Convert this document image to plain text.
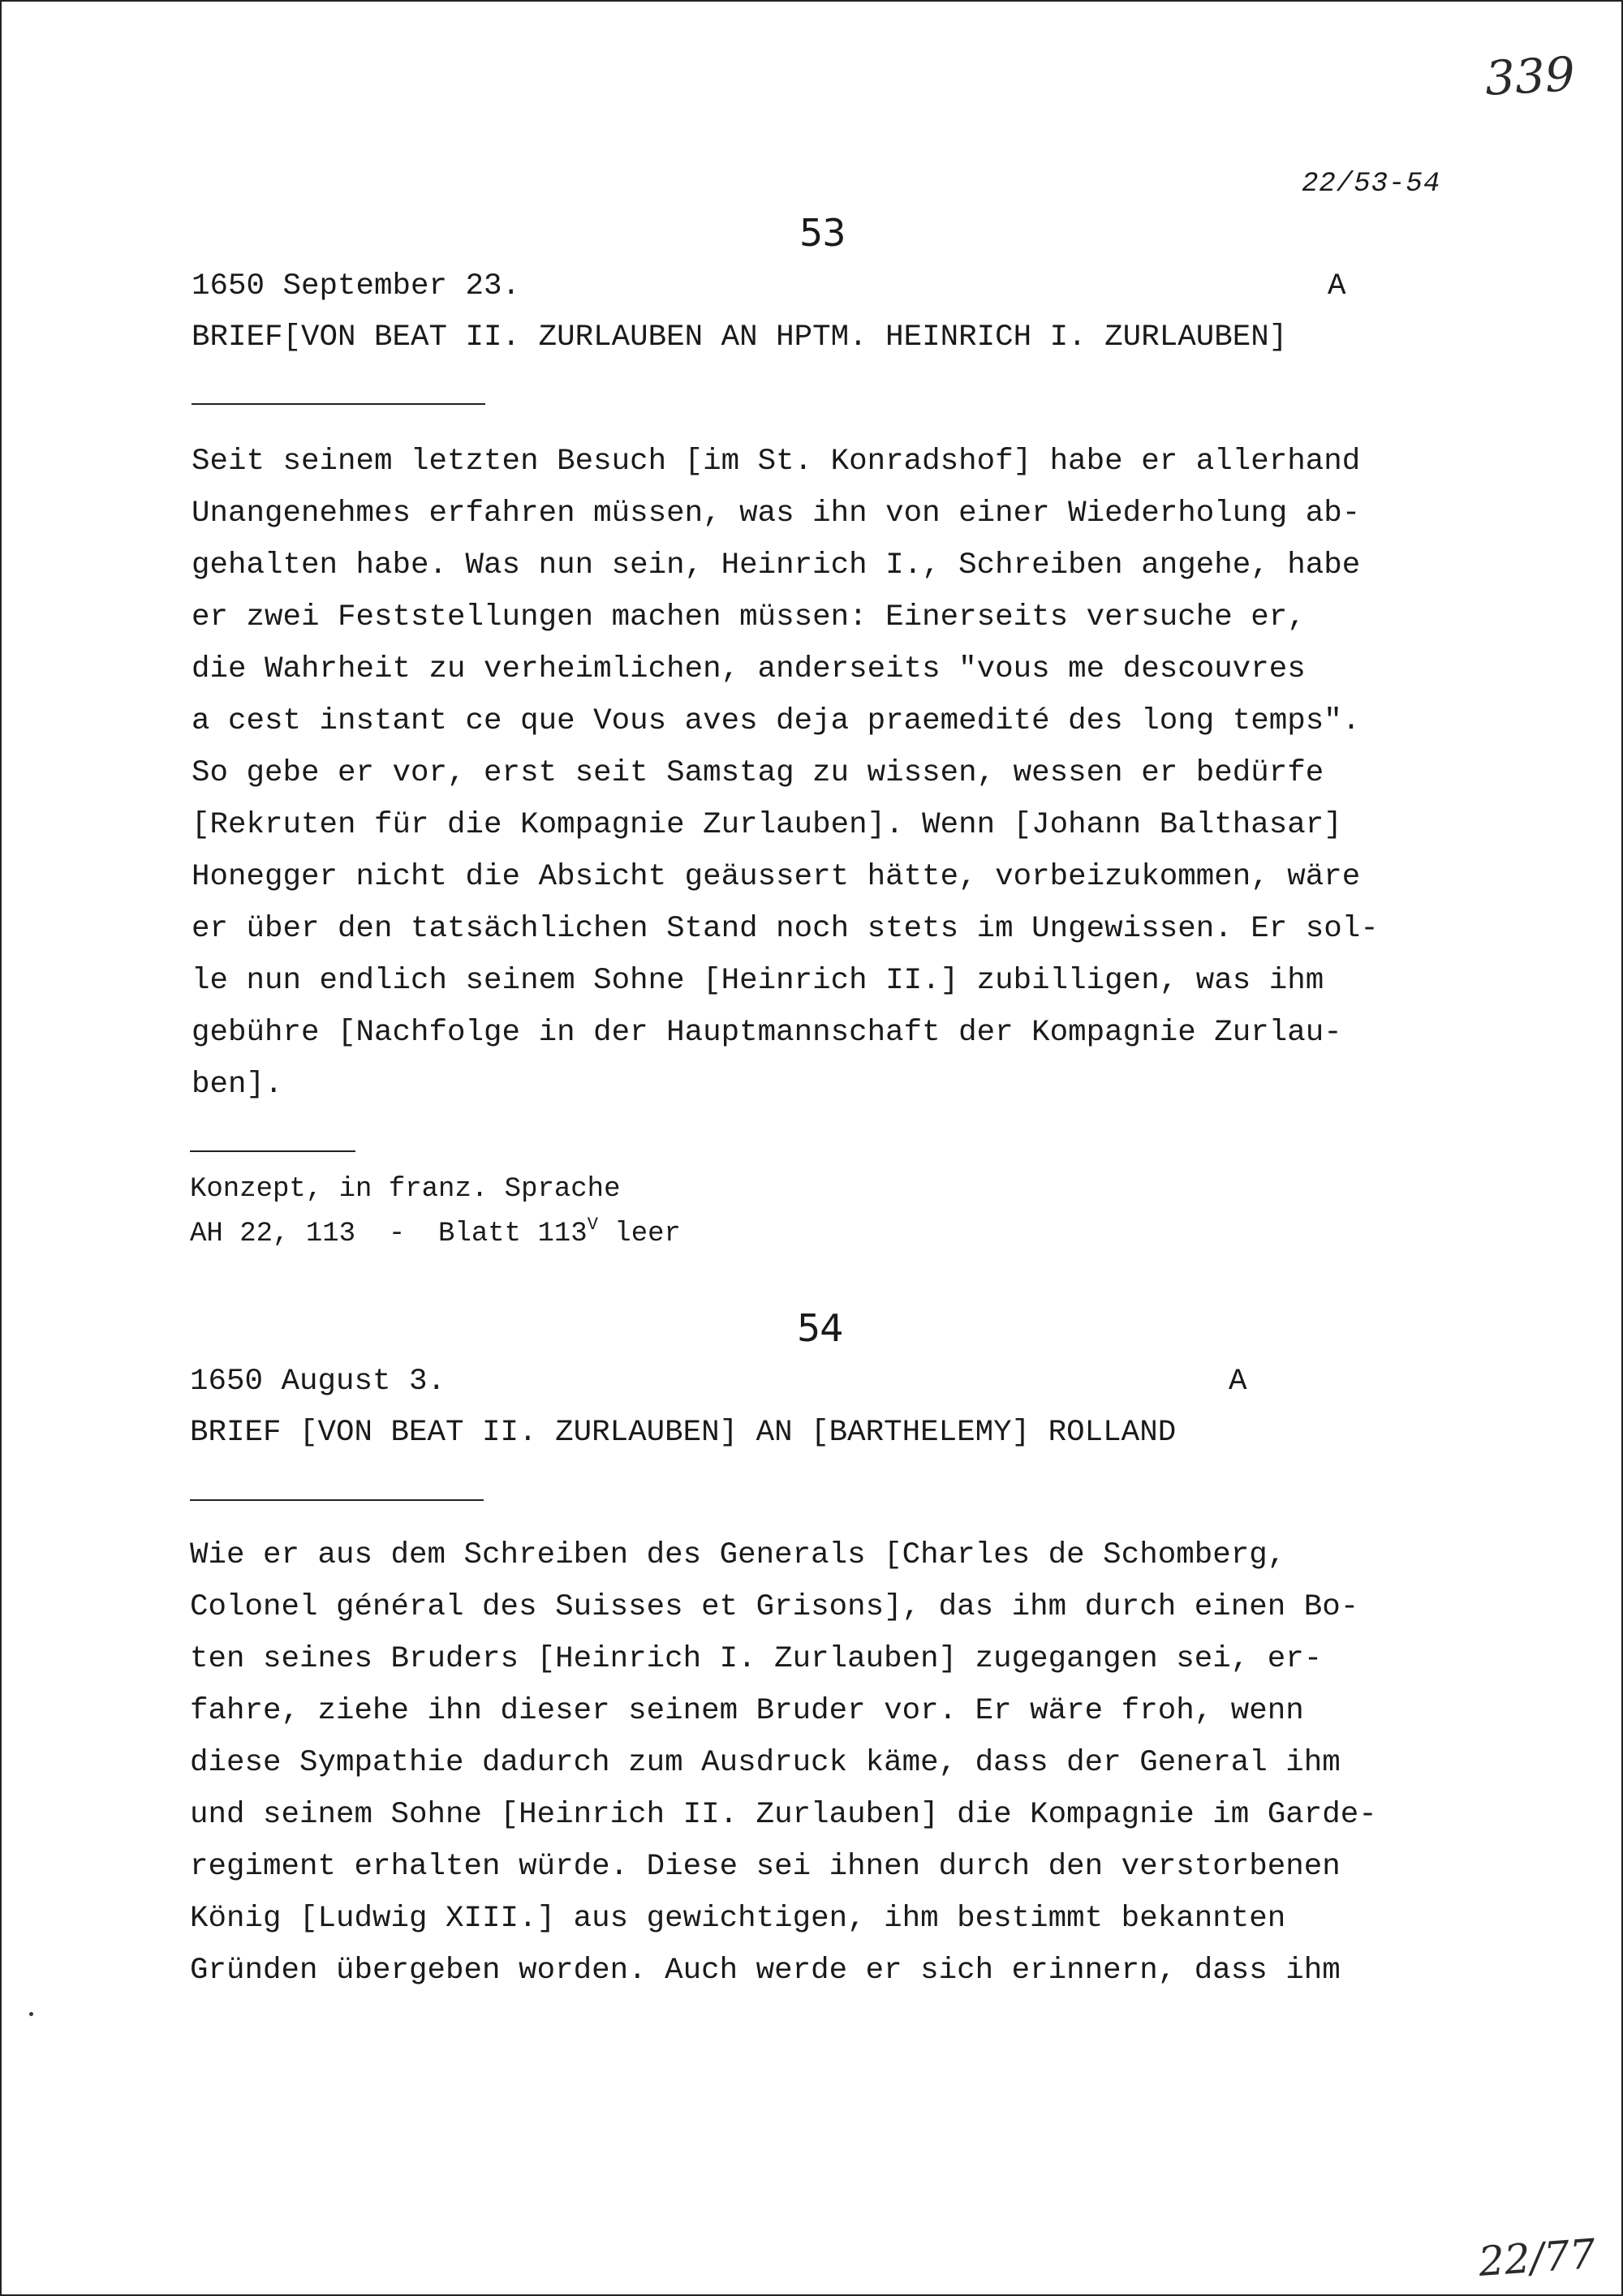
339
22/53-54
53
1650 September 23.	A
BRIEF[VON BEAT II. ZURLAUBEN AN HPTM. HEINRICH I. ZURLAUBEN]
Seit seinem letzten Besuch [im St. Konradshof] habe er allerhand
Unangenehmes erfahren müssen, was ihn von einer Wiederholung ab-
gehalten habe. Was nun sein, Heinrich I., Schreiben angehe, habe
er zwei Feststellungen machen müssen: Einerseits versuche er,
die Wahrheit zu verheimlichen, anderseits "vous me descouvres
a cest instant ce que Vous aves deja praemedité des long temps".
So gebe er vor, erst seit Samstag zu wissen, wessen er bedürfe
[Rekruten für die Kompagnie Zurlauben]. Wenn [Johann Balthasar]
Honegger nicht die Absicht geäussert hätte, vorbeizukommen, wäre
er über den tatsächlichen Stand noch stets im Ungewissen. Er sol-
le nun endlich seinem Sohne [Heinrich II.] zubilligen, was ihm
gebühre [Nachfolge in der Hauptmannschaft der Kompagnie Zurlau-
ben].
Konzept, in franz. Sprache
AH 22, 113  -  Blatt $113^V$ leer
54
1650 August 3.	A
BRIEF [VON BEAT II. ZURLAUBEN] AN [BARTHELEMY] ROLLAND
Wie er aus dem Schreiben des Generals [Charles de Schomberg,
Colonel général des Suisses et Grisons], das ihm durch einen Bo-
ten seines Bruders [Heinrich I. Zurlauben] zugegangen sei, er-
fahre, ziehe ihn dieser seinem Bruder vor. Er wäre froh, wenn
diese Sympathie dadurch zum Ausdruck käme, dass der General ihm
und seinem Sohne [Heinrich II. Zurlauben] die Kompagnie im Garde-
regiment erhalten würde. Diese sei ihnen durch den verstorbenen
König [Ludwig XIII.] aus gewichtigen, ihm bestimmt bekannten
Gründen übergeben worden. Auch werde er sich erinnern, dass ihm
22/77
